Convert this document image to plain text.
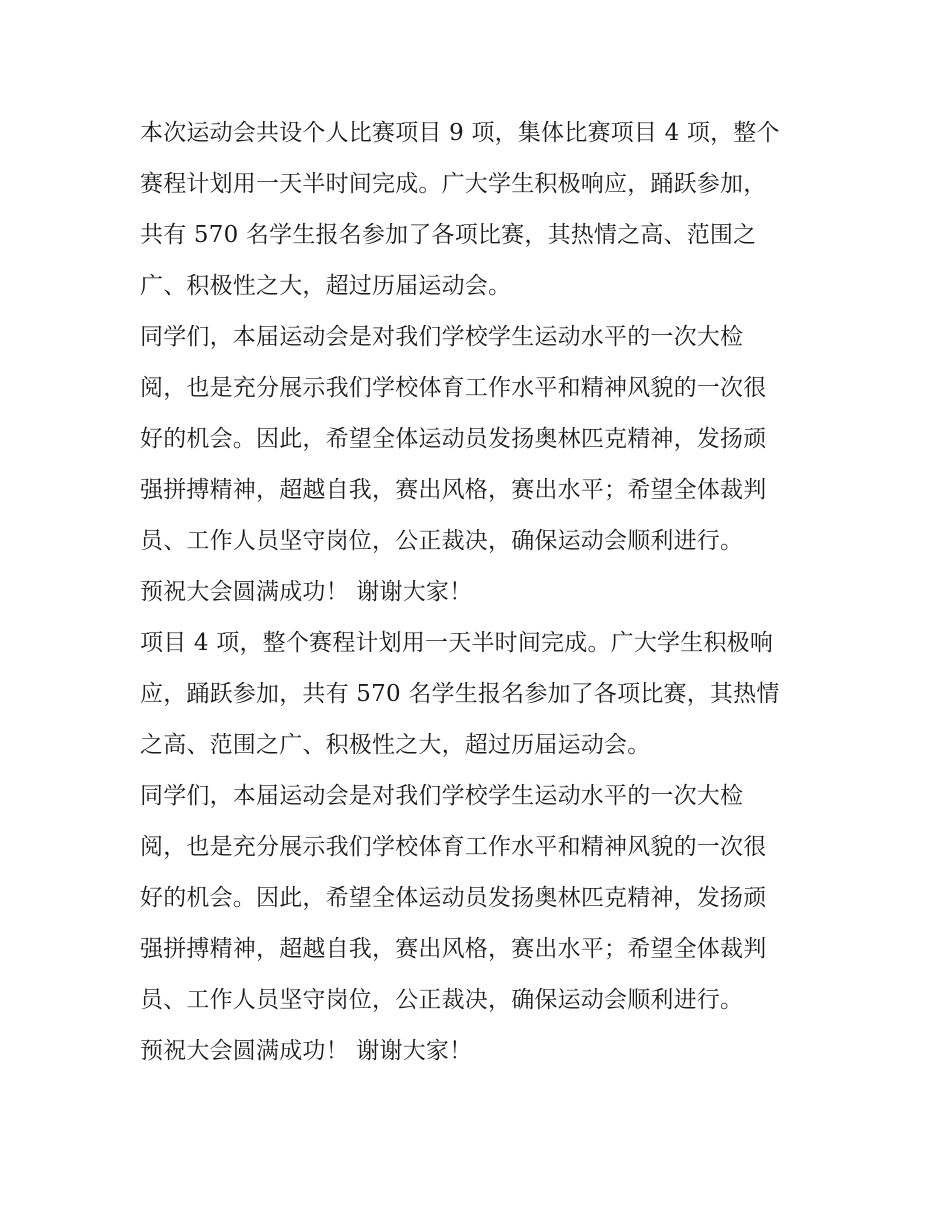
本次运动会共设个人比赛项目 9 项，集体比赛项目 4 项，整个
赛程计划用一天半时间完成。广大学生积极响应，踊跃参加，
共有 570 名学生报名参加了各项比赛，其热情之高、范围之
广、积极性之大，超过历届运动会。
同学们，本届运动会是对我们学校学生运动水平的一次大检
阅，也是充分展示我们学校体育工作水平和精神风貌的一次很
好的机会。因此，希望全体运动员发扬奥林匹克精神，发扬顽
强拼搏精神，超越自我，赛出风格，赛出水平；希望全体裁判
员、工作人员坚守岗位，公正裁决，确保运动会顺利进行。
预祝大会圆满成功！ 谢谢大家！
项目 4 项，整个赛程计划用一天半时间完成。广大学生积极响
应，踊跃参加，共有 570 名学生报名参加了各项比赛，其热情
之高、范围之广、积极性之大，超过历届运动会。
同学们，本届运动会是对我们学校学生运动水平的一次大检
阅，也是充分展示我们学校体育工作水平和精神风貌的一次很
好的机会。因此，希望全体运动员发扬奥林匹克精神，发扬顽
强拼搏精神，超越自我，赛出风格，赛出水平；希望全体裁判
员、工作人员坚守岗位，公正裁决，确保运动会顺利进行。
预祝大会圆满成功！ 谢谢大家！
